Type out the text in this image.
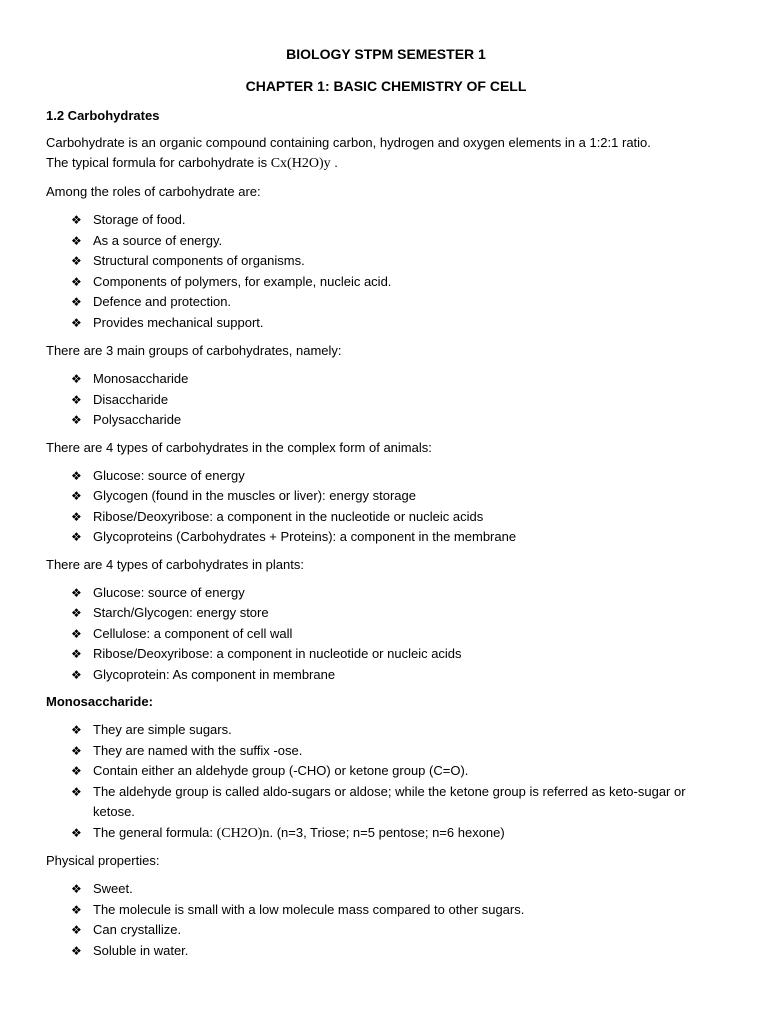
BIOLOGY STPM SEMESTER 1
CHAPTER 1: BASIC CHEMISTRY OF CELL
1.2 Carbohydrates
Carbohydrate is an organic compound containing carbon, hydrogen and oxygen elements in a 1:2:1 ratio.
The typical formula for carbohydrate is Cx(H2O)y .
Among the roles of carbohydrate are:
❖ Storage of food.
❖ As a source of energy.
❖ Structural components of organisms.
❖ Components of polymers, for example, nucleic acid.
❖ Defence and protection.
❖ Provides mechanical support.
There are 3 main groups of carbohydrates, namely:
❖ Monosaccharide
❖ Disaccharide
❖ Polysaccharide
There are 4 types of carbohydrates in the complex form of animals:
❖ Glucose: source of energy
❖ Glycogen (found in the muscles or liver): energy storage
❖ Ribose/Deoxyribose: a component in the nucleotide or nucleic acids
❖ Glycoproteins (Carbohydrates + Proteins): a component in the membrane
There are 4 types of carbohydrates in plants:
❖ Glucose: source of energy
❖ Starch/Glycogen: energy store
❖ Cellulose: a component of cell wall
❖ Ribose/Deoxyribose: a component in nucleotide or nucleic acids
❖ Glycoprotein: As component in membrane
Monosaccharide:
❖ They are simple sugars.
❖ They are named with the suffix -ose.
❖ Contain either an aldehyde group (-CHO) or ketone group (C=O).
❖ The aldehyde group is called aldo-sugars or aldose; while the ketone group is referred as keto-sugar or ketose.
❖ The general formula: (CH2O)n. (n=3, Triose; n=5 pentose; n=6 hexone)
Physical properties:
❖ Sweet.
❖ The molecule is small with a low molecule mass compared to other sugars.
❖ Can crystallize.
❖ Soluble in water.
